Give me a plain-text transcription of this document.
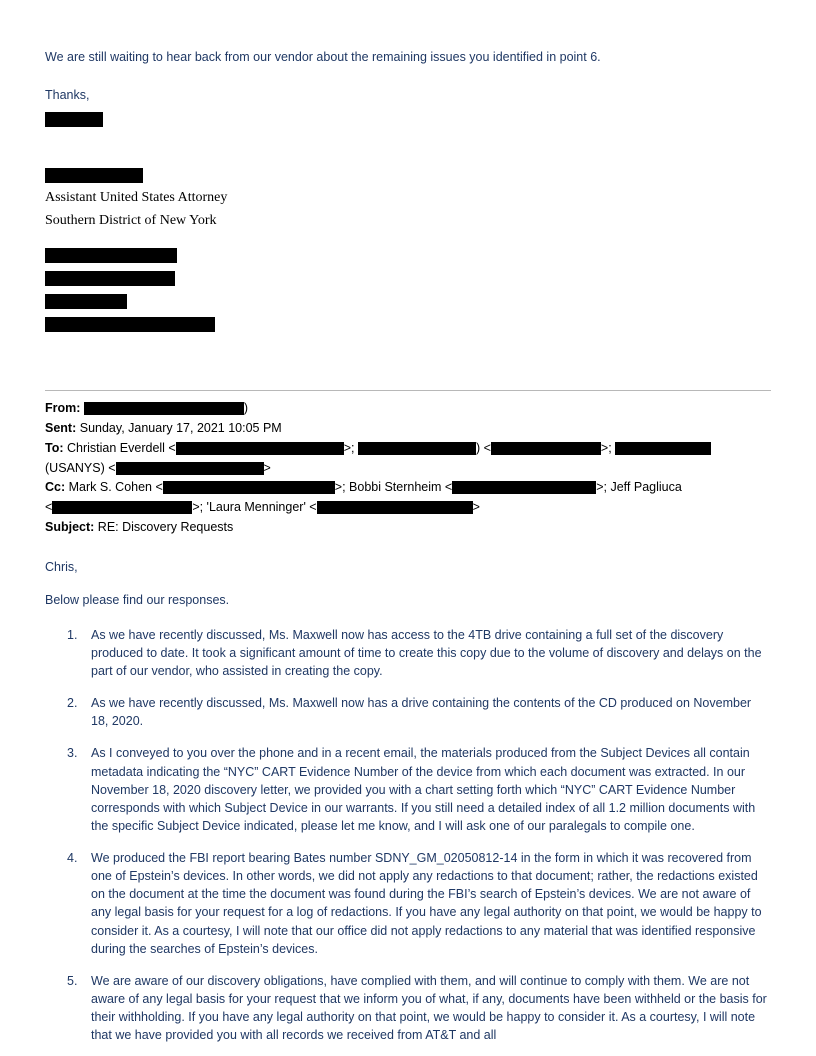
We are still waiting to hear back from our vendor about the remaining issues you identified in point 6.

Thanks,

Assistant United States Attorney
Southern District of New York
From:	)
Sent: Sunday, January 17, 2021 10:05 PM
To: Christian Everdell <	>;	) <	>;
(USANYS) <	>
Cc: Mark S. Cohen <	>; Bobbi Sternheim <	>; Jeff Pagliuca
<	>; 'Laura Menninger' <	>
Subject: RE: Discovery Requests

Chris,

Below please find our responses.

1.	As we have recently discussed, Ms. Maxwell now has access to the 4TB drive containing a full set of the discovery produced to date. It took a significant amount of time to create this copy due to the volume of discovery and delays on the part of our vendor, who assisted in creating the copy.
2.	As we have recently discussed, Ms. Maxwell now has a drive containing the contents of the CD produced on November 18, 2020.
3.	As I conveyed to you over the phone and in a recent email, the materials produced from the Subject Devices all contain metadata indicating the “NYC” CART Evidence Number of the device from which each document was extracted. In our November 18, 2020 discovery letter, we provided you with a chart setting forth which “NYC” CART Evidence Number corresponds with which Subject Device in our warrants. If you still need a detailed index of all 1.2 million documents with the specific Subject Device indicated, please let me know, and I will ask one of our paralegals to compile one.
4.	We produced the FBI report bearing Bates number SDNY_GM_02050812-14 in the form in which it was recovered from one of Epstein’s devices. In other words, we did not apply any redactions to that document; rather, the redactions existed on the document at the time the document was found during the FBI’s search of Epstein’s devices. We are not aware of any legal basis for your request for a log of redactions. If you have any legal authority on that point, we would be happy to consider it. As a courtesy, I will note that our office did not apply redactions to any material that was identified responsive during the searches of Epstein’s devices.
5.	We are aware of our discovery obligations, have complied with them, and will continue to comply with them. We are not aware of any legal basis for your request that we inform you of what, if any, documents have been withheld or the basis for their withholding. If you have any legal authority on that point, we would be happy to consider it. As a courtesy, I will note that we have provided you with all records we received from AT&T and all
